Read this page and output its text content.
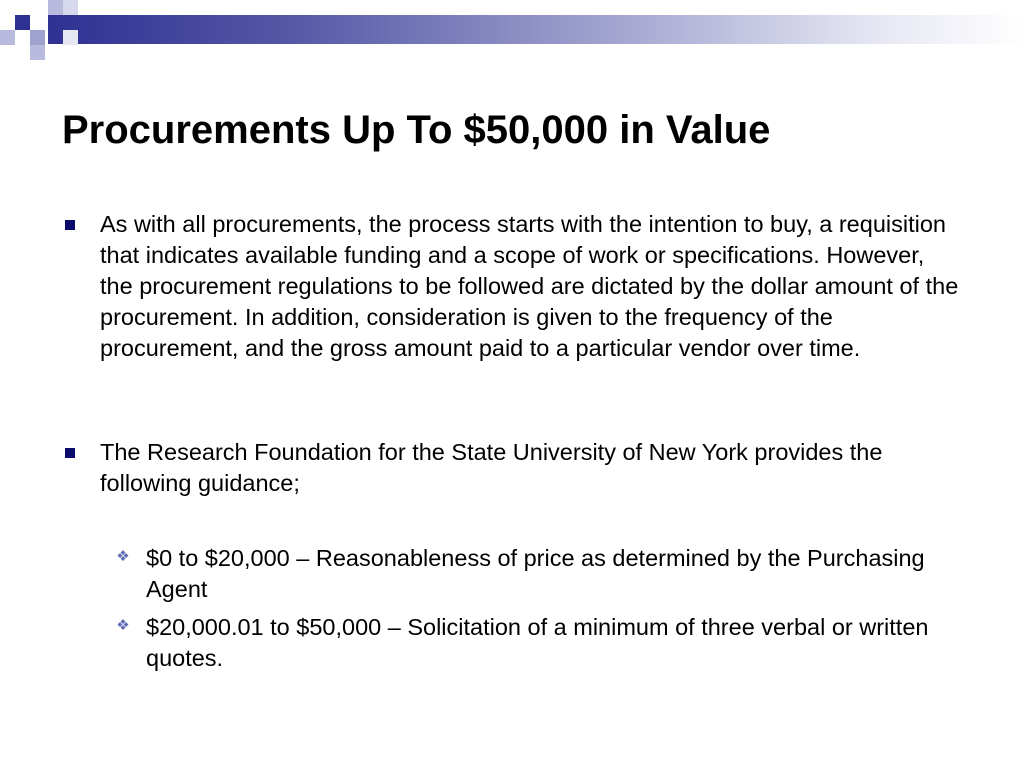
Procurements Up To $50,000 in Value
As with all procurements, the process starts with the intention to buy, a requisition that indicates available funding and a scope of work or specifications. However, the procurement regulations to be followed are dictated by the dollar amount of the procurement. In addition, consideration is given to the frequency of the procurement, and the gross amount paid to a particular vendor over time.
The Research Foundation for the State University of New York provides the following guidance;
❖ $0 to $20,000 – Reasonableness of price as determined by the Purchasing Agent
❖ $20,000.01 to $50,000 – Solicitation of a minimum of three verbal or written quotes.
